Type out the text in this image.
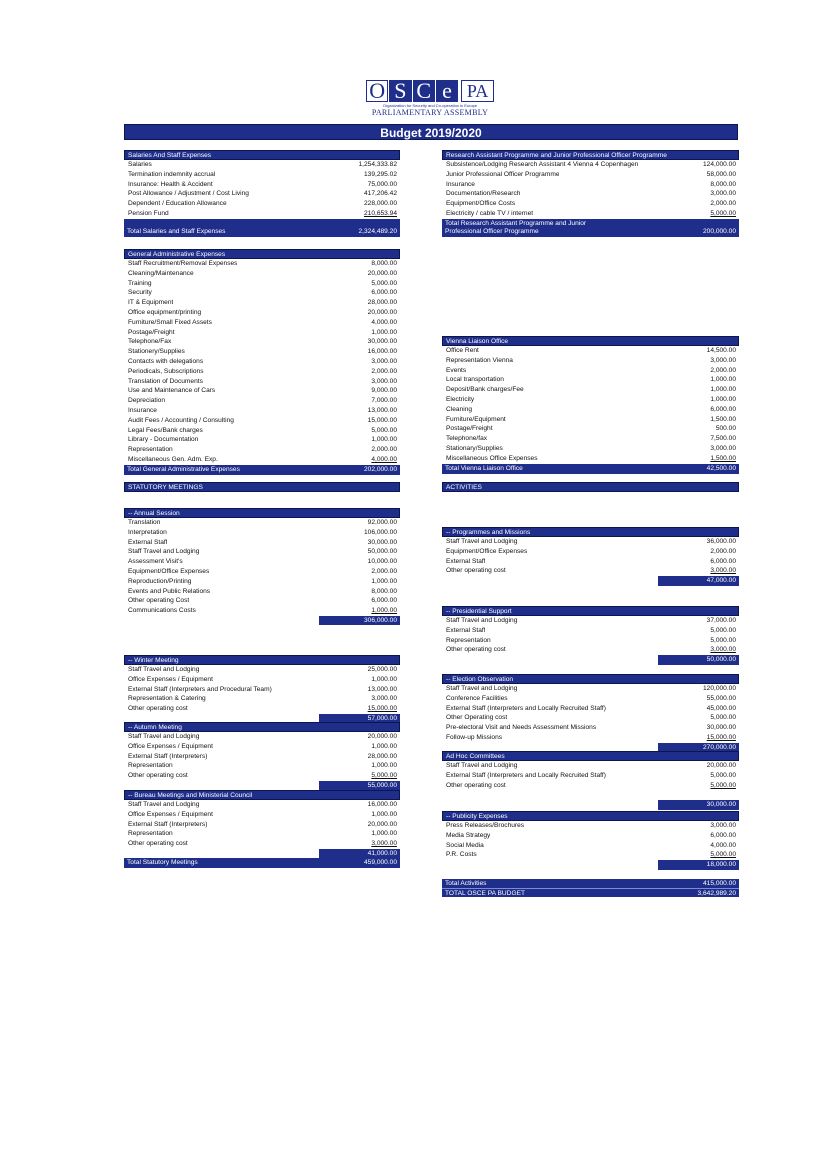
O S C e PA
Organization for Security and Co-operation in Europe
PARLIAMENTARY ASSEMBLY
Budget 2019/2020
Salaries And Staff Expenses
Salaries	1,254,333.82
Termination indemnity accrual	139,295.02
Insurance: Health & Accident	75,000.00
Post Allowance / Adjustment / Cost Living	417,206.42
Dependent / Education Allowance	228,000.00
Pension Fund	210,653.94
Total Salaries and Staff Expenses	2,324,489.20
General Administrative Expenses
Staff Recruitment/Removal Expenses	8,000.00
Cleaning/Maintenance	20,000.00
Training	5,000.00
Security	6,000.00
IT & Equipment	28,000.00
Office equipment/printing	20,000.00
Furniture/Small Fixed Assets	4,000.00
Postage/Freight	1,000.00
Telephone/Fax	30,000.00
Stationery/Supplies	16,000.00
Contacts with delegations	3,000.00
Periodicals, Subscriptions	2,000.00
Translation of Documents	3,000.00
Use and Maintenance of Cars	9,000.00
Depreciation	7,000.00
Insurance	13,000.00
Audit Fees / Accounting / Consulting	15,000.00
Legal Fees/Bank charges	5,000.00
Library - Documentation	1,000.00
Representation	2,000.00
Miscellaneous Gen. Adm. Exp.	4,000.00
Total General Administrative Expenses	202,000.00
STATUTORY MEETINGS
-- Annual Session
Translation	92,000.00
Interpretation	106,000.00
External Staff	30,000.00
Staff Travel and Lodging	50,000.00
Assessment Visit's	10,000.00
Equipment/Office Expenses	2,000.00
Reproduction/Printing	1,000.00
Events and Public Relations	8,000.00
Other operating Cost	6,000.00
Communications Costs	1,000.00
306,000.00
-- Winter Meeting
Staff Travel and Lodging	25,000.00
Office Expenses / Equipment	1,000.00
External Staff (Interpreters and Procedural Team)	13,000.00
Representation & Catering	3,000.00
Other operating cost	15,000.00
57,000.00
-- Autumn Meeting
Staff Travel and Lodging	20,000.00
Office Expenses / Equipment	1,000.00
External Staff (Interpreters)	28,000.00
Representation	1,000.00
Other operating cost	5,000.00
55,000.00
-- Bureau Meetings and Ministerial Council
Staff Travel and Lodging	16,000.00
Office Expenses / Equipment	1,000.00
External Staff (Interpreters)	20,000.00
Representation	1,000.00
Other operating cost	3,000.00
41,000.00
Total Statutory Meetings	459,000.00
Research Assistant Programme and Junior Professional Officer Programme
Subsistence/Lodging Research Assistant 4 Vienna 4 Copenhagen	124,000.00
Junior Professional Officer Programme	58,000.00
Insurance	8,000.00
Documentation/Research	3,000.00
Equipment/Office Costs	2,000.00
Electricity / cable TV / internet	5,000.00
Total Research Assistant Programme and Junior
Professional Officer Programme	200,000.00
Vienna Liaison Office
Office Rent	14,500.00
Representation Vienna	3,000.00
Events	2,000.00
Local transportation	1,000.00
Deposit/Bank charges/Fee	1,000.00
Electricity	1,000.00
Cleaning	6,000.00
Furniture/Equipment	1,500.00
Postage/Freight	500.00
Telephone/fax	7,500.00
Stationary/Supplies	3,000.00
Miscellaneous Office Expenses	1,500.00
Total Vienna Liaison Office	42,500.00
ACTIVITIES
-- Programmes and Missions
Staff Travel and Lodging	36,000.00
Equipment/Office Expenses	2,000.00
External Staff	6,000.00
Other operating cost	3,000.00
47,000.00
-- Presidential Support
Staff Travel and Lodging	37,000.00
External Staff	5,000.00
Representation	5,000.00
Other operating cost	3,000.00
50,000.00
-- Election Observation
Staff Travel and Lodging	120,000.00
Conference Facilities	55,000.00
External Staff (Interpreters and Locally Recruited Staff)	45,000.00
Other Operating cost	5,000.00
Pre-electoral Visit and Needs Assessment Missions	30,000.00
Follow-up Missions	15,000.00
270,000.00
Ad Hoc Committees
Staff Travel and Lodging	20,000.00
External Staff (Interpreters and Locally Recruited Staff)	5,000.00
Other operating cost	5,000.00
30,000.00
-- Publicity Expenses
Press Releases/Brochures	3,000.00
Media Strategy	6,000.00
Social Media	4,000.00
P.R. Costs	5,000.00
18,000.00
Total Activities	415,000.00
TOTAL OSCE PA BUDGET	3,642,989.20
